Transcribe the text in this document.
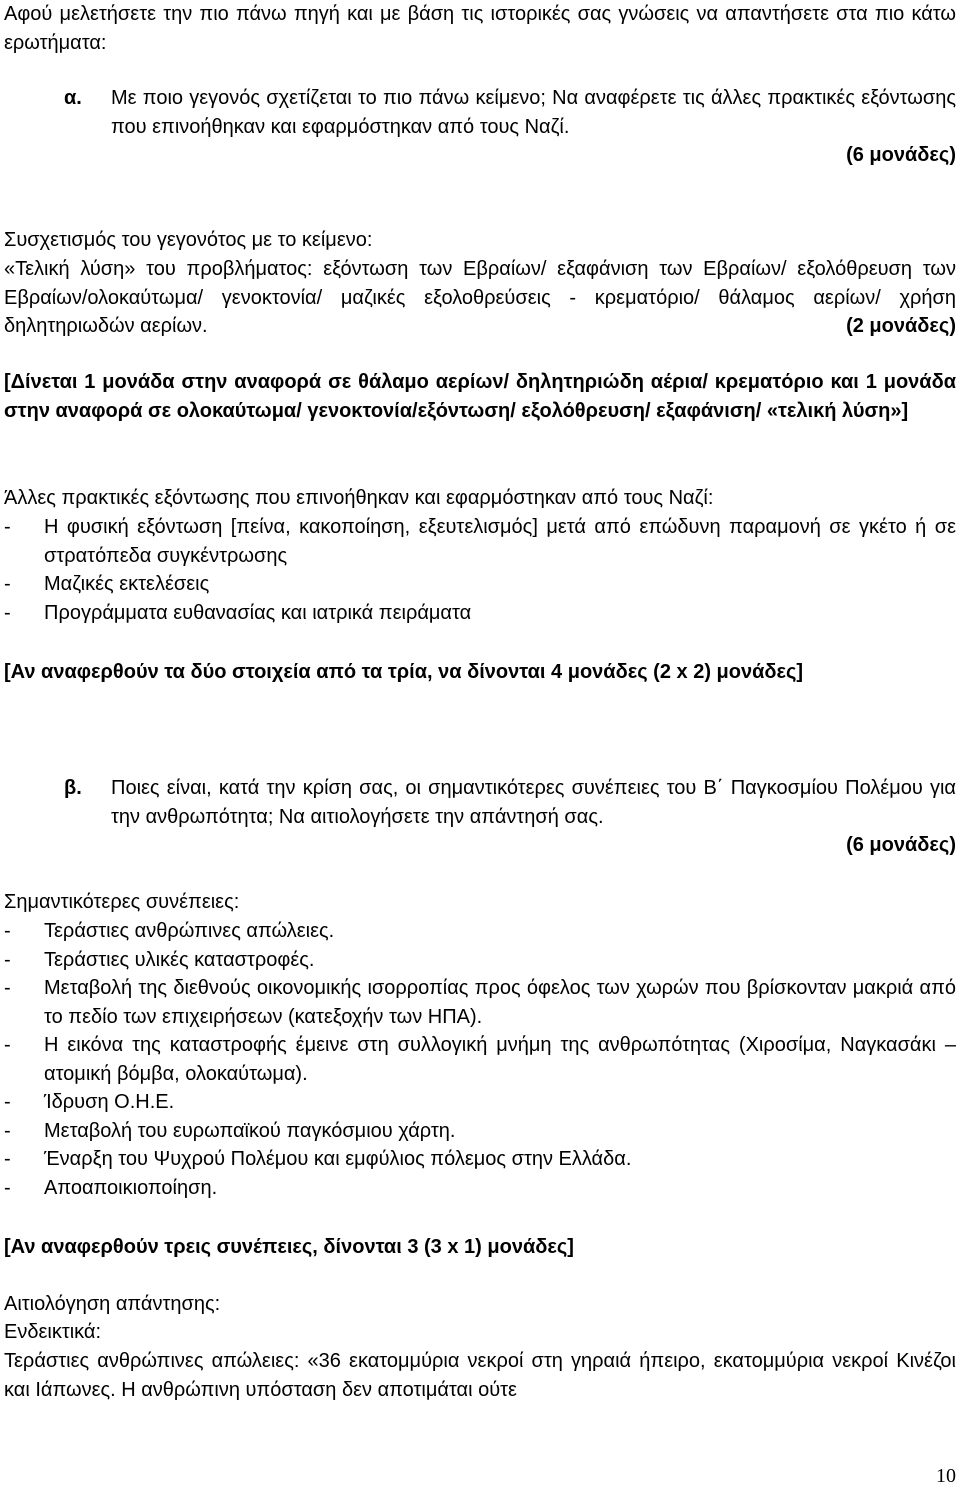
Αφού μελετήσετε την πιο πάνω πηγή και με βάση τις ιστορικές σας γνώσεις να απαντήσετε στα πιο κάτω ερωτήματα:

α.	Με ποιο γεγονός σχετίζεται το πιο πάνω κείμενο; Να αναφέρετε τις άλλες πρακτικές εξόντωσης που επινοήθηκαν και εφαρμόστηκαν από τους Ναζί.

(6 μονάδες)

Συσχετισμός του γεγονότος με το κείμενο:

«Τελική λύση» του προβλήματος: εξόντωση των Εβραίων/ εξαφάνιση των Εβραίων/ εξολόθρευση των Εβραίων/ολοκαύτωμα/ γενοκτονία/ μαζικές εξολοθρεύσεις - κρεματόριο/ θάλαμος αερίων/ χρήση δηλητηριωδών αερίων.	(2 μονάδες)

[Δίνεται 1 μονάδα στην αναφορά σε θάλαμο αερίων/ δηλητηριώδη αέρια/ κρεματόριο και 1 μονάδα στην αναφορά σε ολοκαύτωμα/ γενοκτονία/εξόντωση/ εξολόθρευση/ εξαφάνιση/ «τελική λύση»]

Άλλες πρακτικές εξόντωσης που επινοήθηκαν και εφαρμόστηκαν από τους Ναζί:

-	Η φυσική εξόντωση [πείνα, κακοποίηση, εξευτελισμός] μετά από επώδυνη παραμονή σε γκέτο ή σε στρατόπεδα συγκέντρωσης
-	Μαζικές εκτελέσεις
-	Προγράμματα ευθανασίας και ιατρικά πειράματα

[Αν αναφερθούν τα δύο στοιχεία από τα τρία, να δίνονται 4 μονάδες (2 x 2) μονάδες]

β.	Ποιες είναι, κατά την κρίση σας, οι σημαντικότερες συνέπειες του Β΄ Παγκοσμίου Πολέμου για την ανθρωπότητα; Να αιτιολογήσετε την απάντησή σας.

(6 μονάδες)

Σημαντικότερες συνέπειες:

-	Τεράστιες ανθρώπινες απώλειες.
-	Τεράστιες υλικές καταστροφές.
-	Μεταβολή της διεθνούς οικονομικής ισορροπίας προς όφελος των χωρών που βρίσκονταν μακριά από το πεδίο των επιχειρήσεων (κατεξοχήν των ΗΠΑ).
-	Η εικόνα της καταστροφής έμεινε στη συλλογική μνήμη της ανθρωπότητας (Χιροσίμα, Ναγκασάκι – ατομική βόμβα, ολοκαύτωμα).
-	Ίδρυση Ο.Η.Ε.
-	Μεταβολή του ευρωπαϊκού παγκόσμιου χάρτη.
-	Έναρξη του Ψυχρού Πολέμου και εμφύλιος πόλεμος στην Ελλάδα.
-	Αποαποικιοποίηση.

[Αν αναφερθούν τρεις συνέπειες, δίνονται 3 (3 x 1) μονάδες]

Αιτιολόγηση απάντησης:

Ενδεικτικά:

Τεράστιες ανθρώπινες απώλειες: «36 εκατομμύρια νεκροί στη γηραιά ήπειρο, εκατομμύρια νεκροί Κινέζοι και Ιάπωνες. Η ανθρώπινη υπόσταση δεν αποτιμάται ούτε

10
